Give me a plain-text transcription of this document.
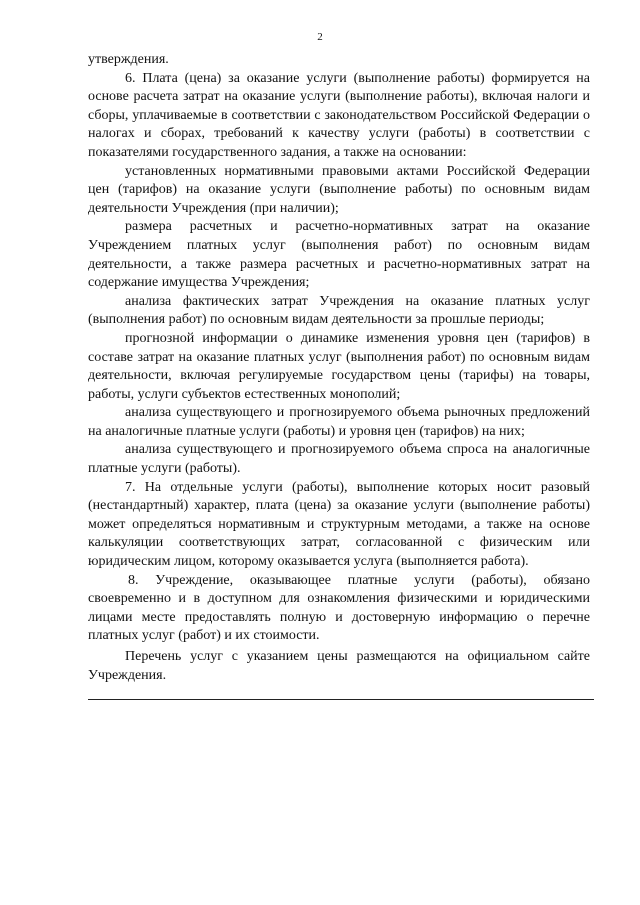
2

утверждения.

6. Плата (цена) за оказание услуги (выполнение работы) формируется на основе расчета затрат на оказание услуги (выполнение работы), включая налоги и сборы, уплачиваемые в соответствии с законодательством Российской Федерации о налогах и сборах, требований к качеству услуги (работы) в соответствии с показателями государственного задания, а также на основании:

установленных нормативными правовыми актами Российской Федерации цен (тарифов) на оказание услуги (выполнение работы) по основным видам деятельности Учреждения (при наличии);

размера расчетных и расчетно-нормативных затрат на оказание Учреждением платных услуг (выполнения работ) по основным видам деятельности, а также размера расчетных и расчетно-нормативных затрат на содержание имущества Учреждения;

анализа фактических затрат Учреждения на оказание платных услуг (выполнения работ) по основным видам деятельности за прошлые периоды;

прогнозной информации о динамике изменения уровня цен (тарифов) в составе затрат на оказание платных услуг (выполнения работ) по основным видам деятельности, включая регулируемые государством цены (тарифы) на товары, работы, услуги субъектов естественных монополий;

анализа существующего и прогнозируемого объема рыночных предложений на аналогичные платные услуги (работы) и уровня цен (тарифов) на них;

анализа существующего и прогнозируемого объема спроса на аналогичные платные услуги (работы).

7. На отдельные услуги (работы), выполнение которых носит разовый (нестандартный) характер, плата (цена) за оказание услуги (выполнение работы) может определяться нормативным и структурным методами, а также на основе калькуляции соответствующих затрат, согласованной с физическим или юридическим лицом, которому оказывается услуга (выполняется работа).

8. Учреждение, оказывающее платные услуги (работы), обязано своевременно и в доступном для ознакомления физическими и юридическими лицами месте предоставлять полную и достоверную информацию о перечне платных услуг (работ) и их стоимости.

Перечень услуг с указанием цены размещаются на официальном сайте Учреждения.
